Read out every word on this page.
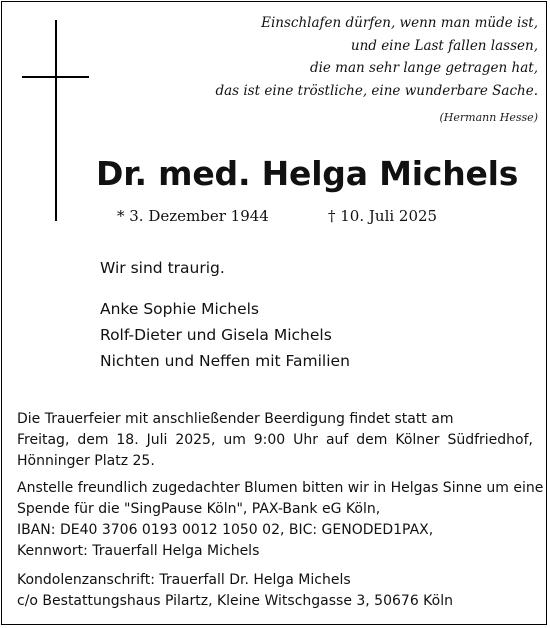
Einschlafen dürfen, wenn man müde ist,
und eine Last fallen lassen,
die man sehr lange getragen hat,
das ist eine tröstliche, eine wunderbare Sache.
(Hermann Hesse)
Dr. med. Helga Michels
* 3. Dezember 1944	† 10. Juli 2025
Wir sind traurig.
Anke Sophie Michels
Rolf-Dieter und Gisela Michels
Nichten und Neffen mit Familien
Die Trauerfeier mit anschließender Beerdigung findet statt am
Freitag, dem 18. Juli 2025, um 9:00 Uhr auf dem Kölner Südfriedhof,
Hönninger Platz 25.
Anstelle freundlich zugedachter Blumen bitten wir in Helgas Sinne um eine
Spende für die "SingPause Köln", PAX-Bank eG Köln,
IBAN: DE40 3706 0193 0012 1050 02, BIC: GENODED1PAX,
Kennwort: Trauerfall Helga Michels
Kondolenzanschrift: Trauerfall Dr. Helga Michels
c/o Bestattungshaus Pilartz, Kleine Witschgasse 3, 50676 Köln
